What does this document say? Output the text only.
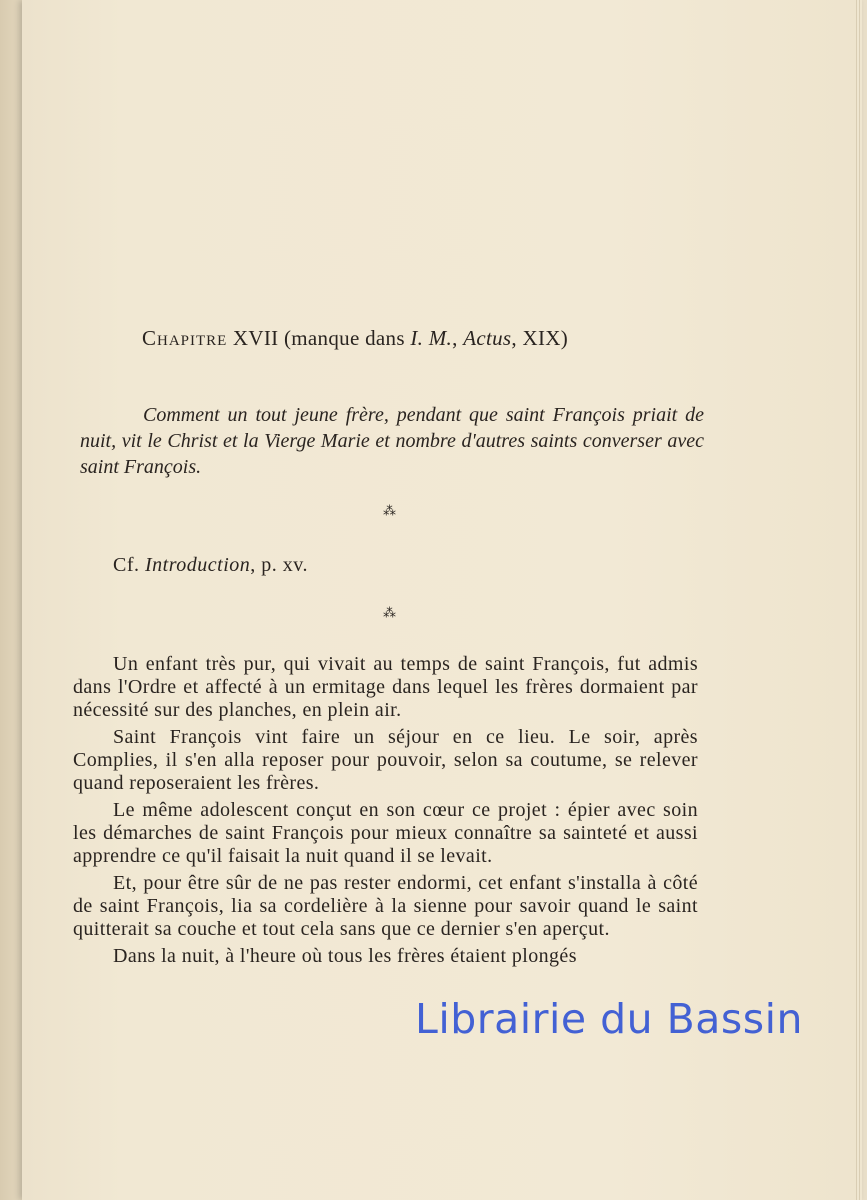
Chapitre XVII (manque dans I. M., Actus, XIX)
Comment un tout jeune frère, pendant que saint François priait de nuit, vit le Christ et la Vierge Marie et nombre d'autres saints converser avec saint François.
⁂
Cf. Introduction, p. xv.
⁂

Un enfant très pur, qui vivait au temps de saint François, fut admis dans l'Ordre et affecté à un ermitage dans lequel les frères dormaient par nécessité sur des planches, en plein air.

Saint François vint faire un séjour en ce lieu. Le soir, après Complies, il s'en alla reposer pour pouvoir, selon sa coutume, se relever quand reposeraient les frères.

Le même adolescent conçut en son cœur ce projet : épier avec soin les démarches de saint François pour mieux connaître sa sainteté et aussi apprendre ce qu'il faisait la nuit quand il se levait.

Et, pour être sûr de ne pas rester endormi, cet enfant s'installa à côté de saint François, lia sa cordelière à la sienne pour savoir quand le saint quitterait sa couche et tout cela sans que ce dernier s'en aperçut.

Dans la nuit, à l'heure où tous les frères étaient plongés

Librairie du Bassin
